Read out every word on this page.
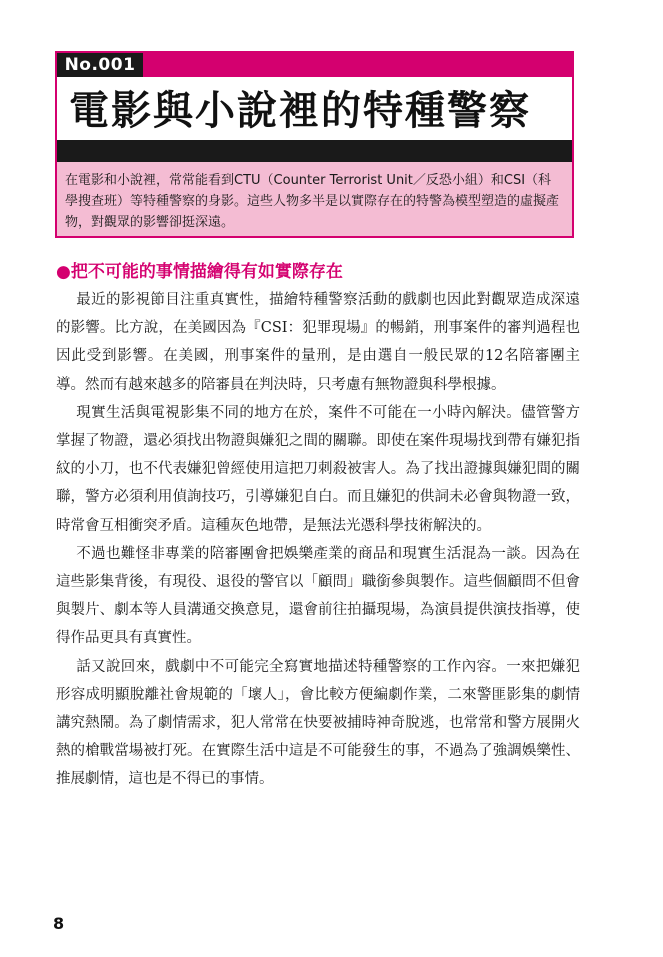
No.001
電影與小說裡的特種警察
在電影和小說裡，常常能看到CTU（Counter Terrorist Unit／反恐小組）和CSI（科學搜查班）等特種警察的身影。這些人物多半是以實際存在的特警為模型塑造的虛擬產物，對觀眾的影響卻挺深遠。
●把不可能的事情描繪得有如實際存在

最近的影視節目注重真實性，描繪特種警察活動的戲劇也因此對觀眾造成深遠的影響。比方說，在美國因為『CSI：犯罪現場』的暢銷，刑事案件的審判過程也因此受到影響。在美國，刑事案件的量刑，是由選自一般民眾的12名陪審團主導。然而有越來越多的陪審員在判決時，只考慮有無物證與科學根據。

現實生活與電視影集不同的地方在於，案件不可能在一小時內解決。儘管警方掌握了物證，還必須找出物證與嫌犯之間的關聯。即使在案件現場找到帶有嫌犯指紋的小刀，也不代表嫌犯曾經使用這把刀刺殺被害人。為了找出證據與嫌犯間的關聯，警方必須利用偵詢技巧，引導嫌犯自白。而且嫌犯的供詞未必會與物證一致，時常會互相衝突矛盾。這種灰色地帶，是無法光憑科學技術解決的。

不過也難怪非專業的陪審團會把娛樂產業的商品和現實生活混為一談。因為在這些影集背後，有現役、退役的警官以「顧問」職銜參與製作。這些個顧問不但會與製片、劇本等人員溝通交換意見，還會前往拍攝現場，為演員提供演技指導，使得作品更具有真實性。

話又說回來，戲劇中不可能完全寫實地描述特種警察的工作內容。一來把嫌犯形容成明顯脫離社會規範的「壞人」，會比較方便編劇作業，二來警匪影集的劇情講究熱鬧。為了劇情需求，犯人常常在快要被捕時神奇脫逃，也常常和警方展開火熱的槍戰當場被打死。在實際生活中這是不可能發生的事，不過為了強調娛樂性、推展劇情，這也是不得已的事情。

8
